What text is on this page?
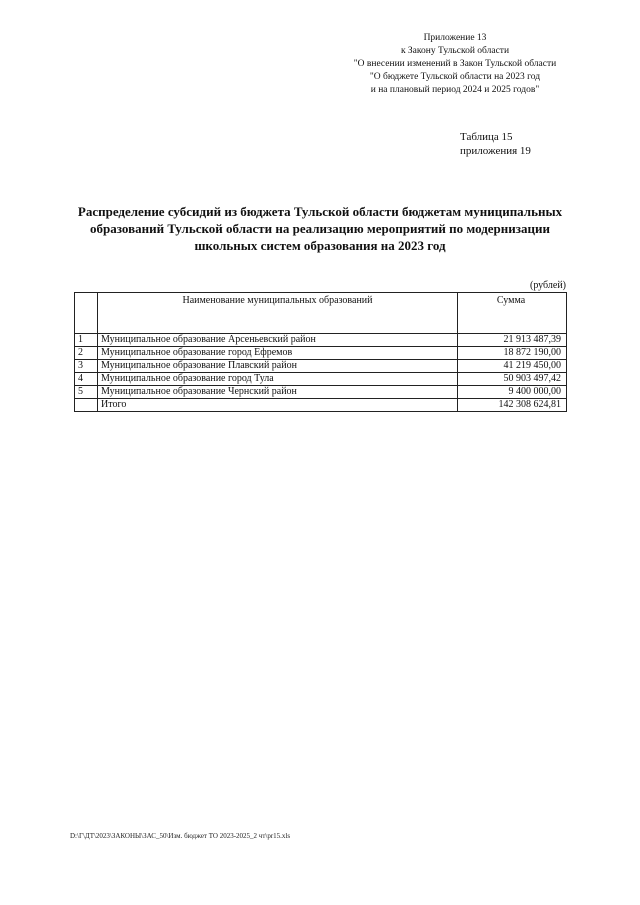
Приложение 13
к Закону Тульской области
"О внесении изменений в Закон Тульской области
"О бюджете Тульской области на 2023 год
и на плановый период 2024 и 2025 годов"
Таблица 15
приложения 19
Распределение субсидий из бюджета Тульской области бюджетам муниципальных образований Тульской области на реализацию мероприятий по модернизации школьных систем образования на 2023 год
(рублей)
	Наименование муниципальных образований	Сумма
1	Муниципальное образование Арсеньевский район	21 913 487,39
2	Муниципальное образование город Ефремов	18 872 190,00
3	Муниципальное образование Плавский район	41 219 450,00
4	Муниципальное образование город Тула	50 903 497,42
5	Муниципальное образование Чернский район	9 400 000,00
	Итого	142 308 624,81
D:\Г\ДТ\2023\ЗАКОНЫ\ЗАС_50\Изм. бюджет ТО 2023-2025_2 чт\pr15.xls
